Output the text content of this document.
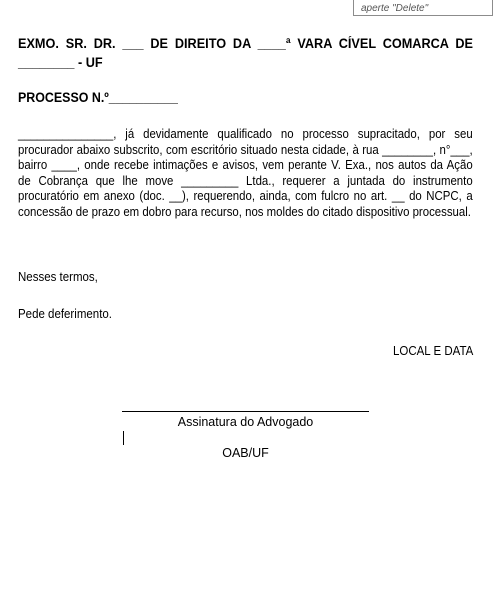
aperte "Delete"
EXMO. SR. DR. ___ DE DIREITO DA ____ª VARA CÍVEL COMARCA DE ________ - UF
PROCESSO N.º__________
_______________, já devidamente qualificado no processo supracitado, por seu procurador abaixo subscrito, com escritório situado nesta cidade, à rua ________, n°___, bairro ____, onde recebe intimações e avisos, vem perante V. Exa., nos autos da Ação de Cobrança que lhe move _________ Ltda., requerer a juntada do instrumento procuratório em anexo (doc. __), requerendo, ainda, com fulcro no art. __ do NCPC, a concessão de prazo em dobro para recurso, nos moldes do citado dispositivo processual.
Nesses termos,
Pede deferimento.
LOCAL E DATA
Assinatura do Advogado
OAB/UF
